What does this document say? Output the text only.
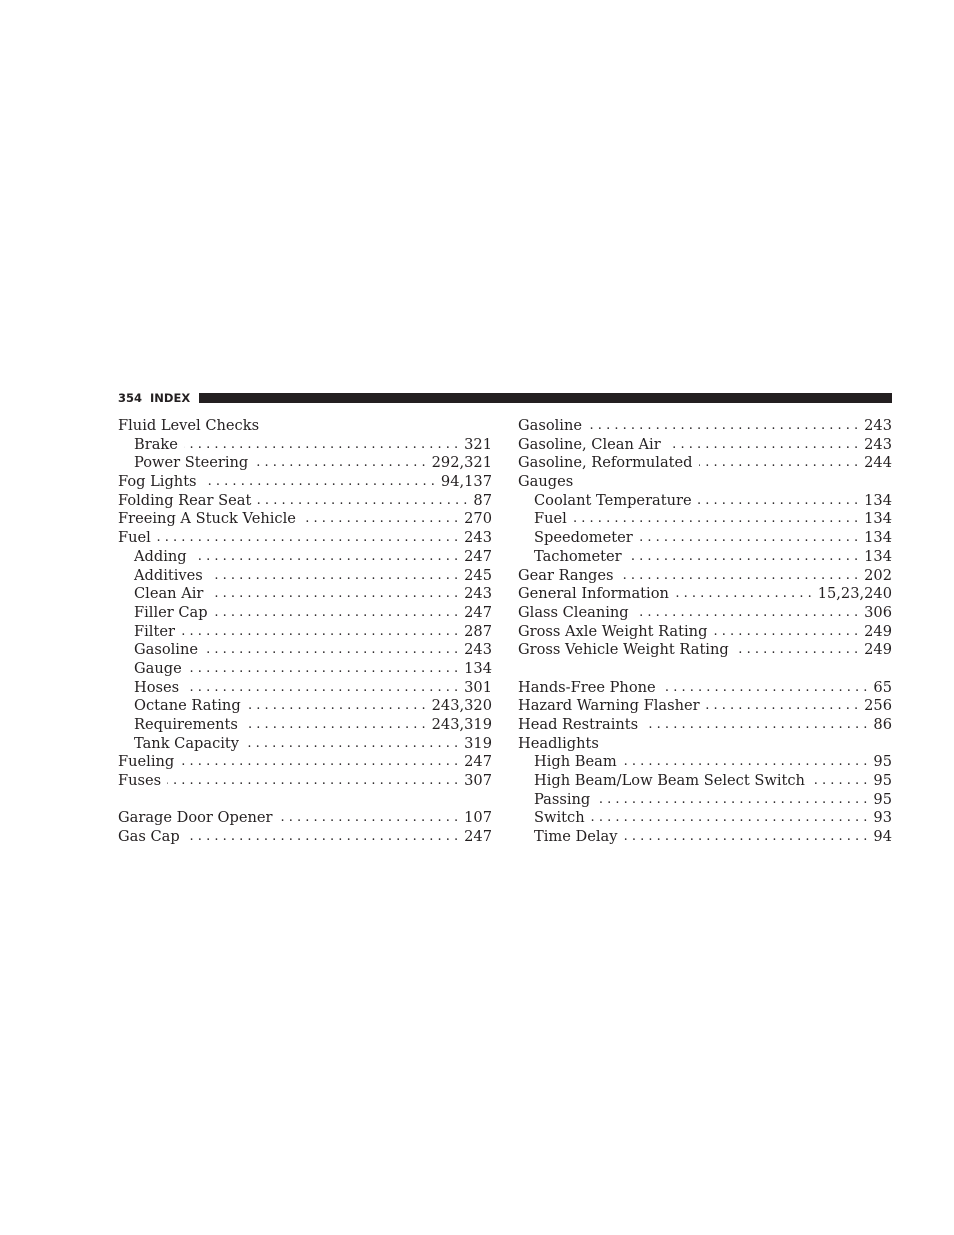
354 INDEX
Fluid Level Checks
Brake . . .	321
Power Steering . . .	292,321
Fog Lights . . .	94,137
Folding Rear Seat . . .	87
Freeing A Stuck Vehicle . . .	270
Fuel . . .	243
Adding . . .	247
Additives . . .	245
Clean Air . . .	243
Filler Cap . . .	247
Filter . . .	287
Gasoline . . .	243
Gauge . . .	134
Hoses . . .	301
Octane Rating . . .	243,320
Requirements . . .	243,319
Tank Capacity . . .	319
Fueling . . .	247
Fuses . . .	307
Garage Door Opener . . .	107
Gas Cap . . .	247
Gasoline . . .	243
Gasoline, Clean Air . . .	243
Gasoline, Reformulated . . .	244
Gauges
Coolant Temperature . . .	134
Fuel . . .	134
Speedometer . . .	134
Tachometer . . .	134
Gear Ranges . . .	202
General Information . . .	15,23,240
Glass Cleaning . . .	306
Gross Axle Weight Rating . . .	249
Gross Vehicle Weight Rating . . .	249
Hands-Free Phone . . .	65
Hazard Warning Flasher . . .	256
Head Restraints . . .	86
Headlights
High Beam . . .	95
High Beam/Low Beam Select Switch . . .	95
Passing . . .	95
Switch . . .	93
Time Delay . . .	94
